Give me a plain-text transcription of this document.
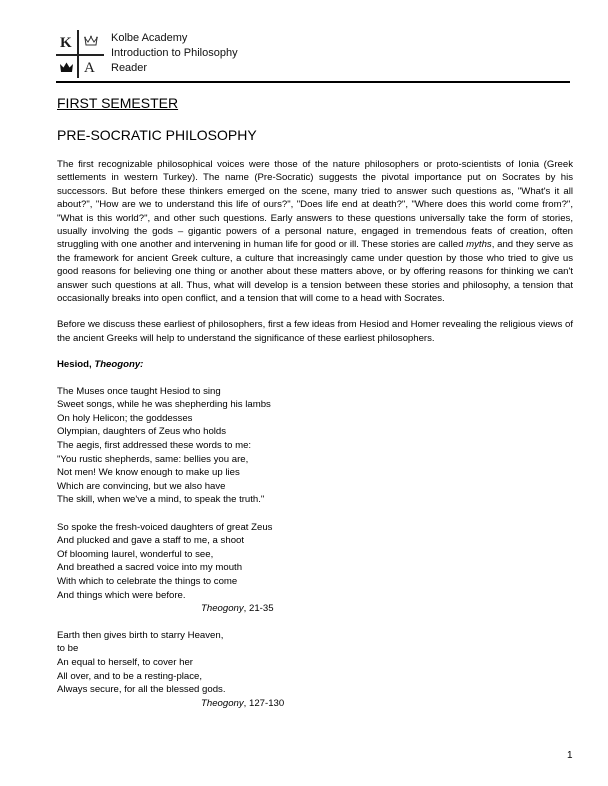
K
A
Kolbe Academy
Introduction to Philosophy
Reader
FIRST SEMESTER
PRE-SOCRATIC PHILOSOPHY

The first recognizable philosophical voices were those of the nature philosophers or proto-scientists of Ionia (Greek settlements in western Turkey). The name (Pre-Socratic) suggests the pivotal importance put on Socrates by his successors. But before these thinkers emerged on the scene, many tried to answer such questions as, "What's it all about?", "How are we to understand this life of ours?", "Does life end at death?", "Where does this world come from?", "What is this world?", and other such questions. Early answers to these questions universally take the form of stories, usually involving the gods – gigantic powers of a personal nature, engaged in tremendous feats of creation, often struggling with one another and intervening in human life for good or ill. These stories are called myths, and they serve as the framework for ancient Greek culture, a culture that increasingly came under question by those who tried to give us good reasons for believing one thing or another about these matters above, or by offering reasons for thinking we can't answer such questions at all. Thus, what will develop is a tension between these stories and philosophy, a tension that occasionally breaks into open conflict, and a tension that will come to a head with Socrates.

Before we discuss these earliest of philosophers, first a few ideas from Hesiod and Homer revealing the religious views of the ancient Greeks will help to understand the significance of these earliest philosophers.

Hesiod, Theogony:

The Muses once taught Hesiod to sing
Sweet songs, while he was shepherding his lambs
On holy Helicon; the goddesses
Olympian, daughters of Zeus who holds
The aegis, first addressed these words to me:
"You rustic shepherds, same: bellies you are,
Not men! We know enough to make up lies
Which are convincing, but we also have
The skill, when we've a mind, to speak the truth."

So spoke the fresh-voiced daughters of great Zeus
And plucked and gave a staff to me, a shoot
Of blooming laurel, wonderful to see,
And breathed a sacred voice into my mouth
With which to celebrate the things to come
And things which were before.
Theogony, 21-35
Earth then gives birth to starry Heaven,
to be
An equal to herself, to cover her
All over, and to be a resting-place,
Always secure, for all the blessed gods.
Theogony, 127-130
1
